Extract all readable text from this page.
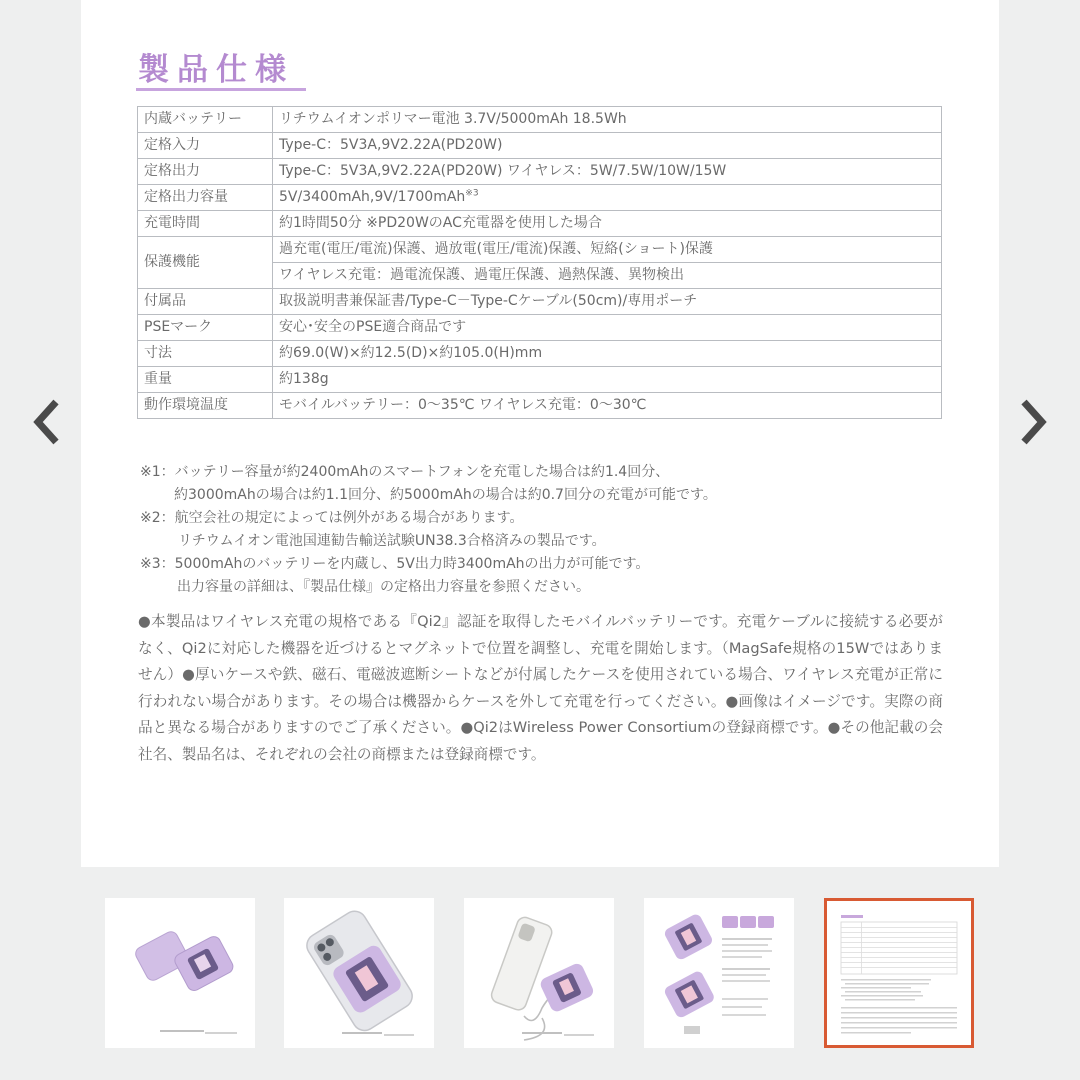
製品仕様
内蔵バッテリー	リチウムイオンポリマー電池 3.7V/5000mAh 18.5Wh
定格入力	Type-C：5V3A,9V2.22A(PD20W)
定格出力	Type-C：5V3A,9V2.22A(PD20W) ワイヤレス：5W/7.5W/10W/15W
定格出力容量	5V/3400mAh,9V/1700mAh$^{※3}$
充電時間	約1時間50分 ※PD20WのAC充電器を使用した場合
保護機能	過充電(電圧/電流)保護、過放電(電圧/電流)保護、短絡(ショート)保護
	ワイヤレス充電：過電流保護、過電圧保護、過熱保護、異物検出
付属品	取扱説明書兼保証書/Type-C－Type-Cケーブル(50cm)/専用ポーチ
PSEマーク	安心･安全のPSE適合商品です
寸法	約69.0(W)×約12.5(D)×約105.0(H)mm
重量	約138g
動作環境温度	モバイルバッテリー：0〜35℃ ワイヤレス充電：0〜30℃

※1：バッテリー容量が約2400mAhのスマートフォンを充電した場合は約1.4回分、

約3000mAhの場合は約1.1回分、約5000mAhの場合は約0.7回分の充電が可能です。

※2：航空会社の規定によっては例外がある場合があります。

リチウムイオン電池国連勧告輸送試験UN38.3合格済みの製品です。

※3：5000mAhのバッテリーを内蔵し、5V出力時3400mAhの出力が可能です。

出力容量の詳細は、『製品仕様』の定格出力容量を参照ください。

●本製品はワイヤレス充電の規格である『Qi2』認証を取得したモバイルバッテリーです。充電ケーブルに接続する必要がなく、Qi2に対応した機器を近づけるとマグネットで位置を調整し、充電を開始します。（MagSafe規格の15Wではありません）●厚いケースや鉄、磁石、電磁波遮断シートなどが付属したケースを使用されている場合、ワイヤレス充電が正常に行われない場合があります。その場合は機器からケースを外して充電を行ってください。●画像はイメージです。実際の商品と異なる場合がありますのでご了承ください。●Qi2はWireless Power Consortiumの登録商標です。●その他記載の会社名、製品名は、それぞれの会社の商標または登録商標です。
